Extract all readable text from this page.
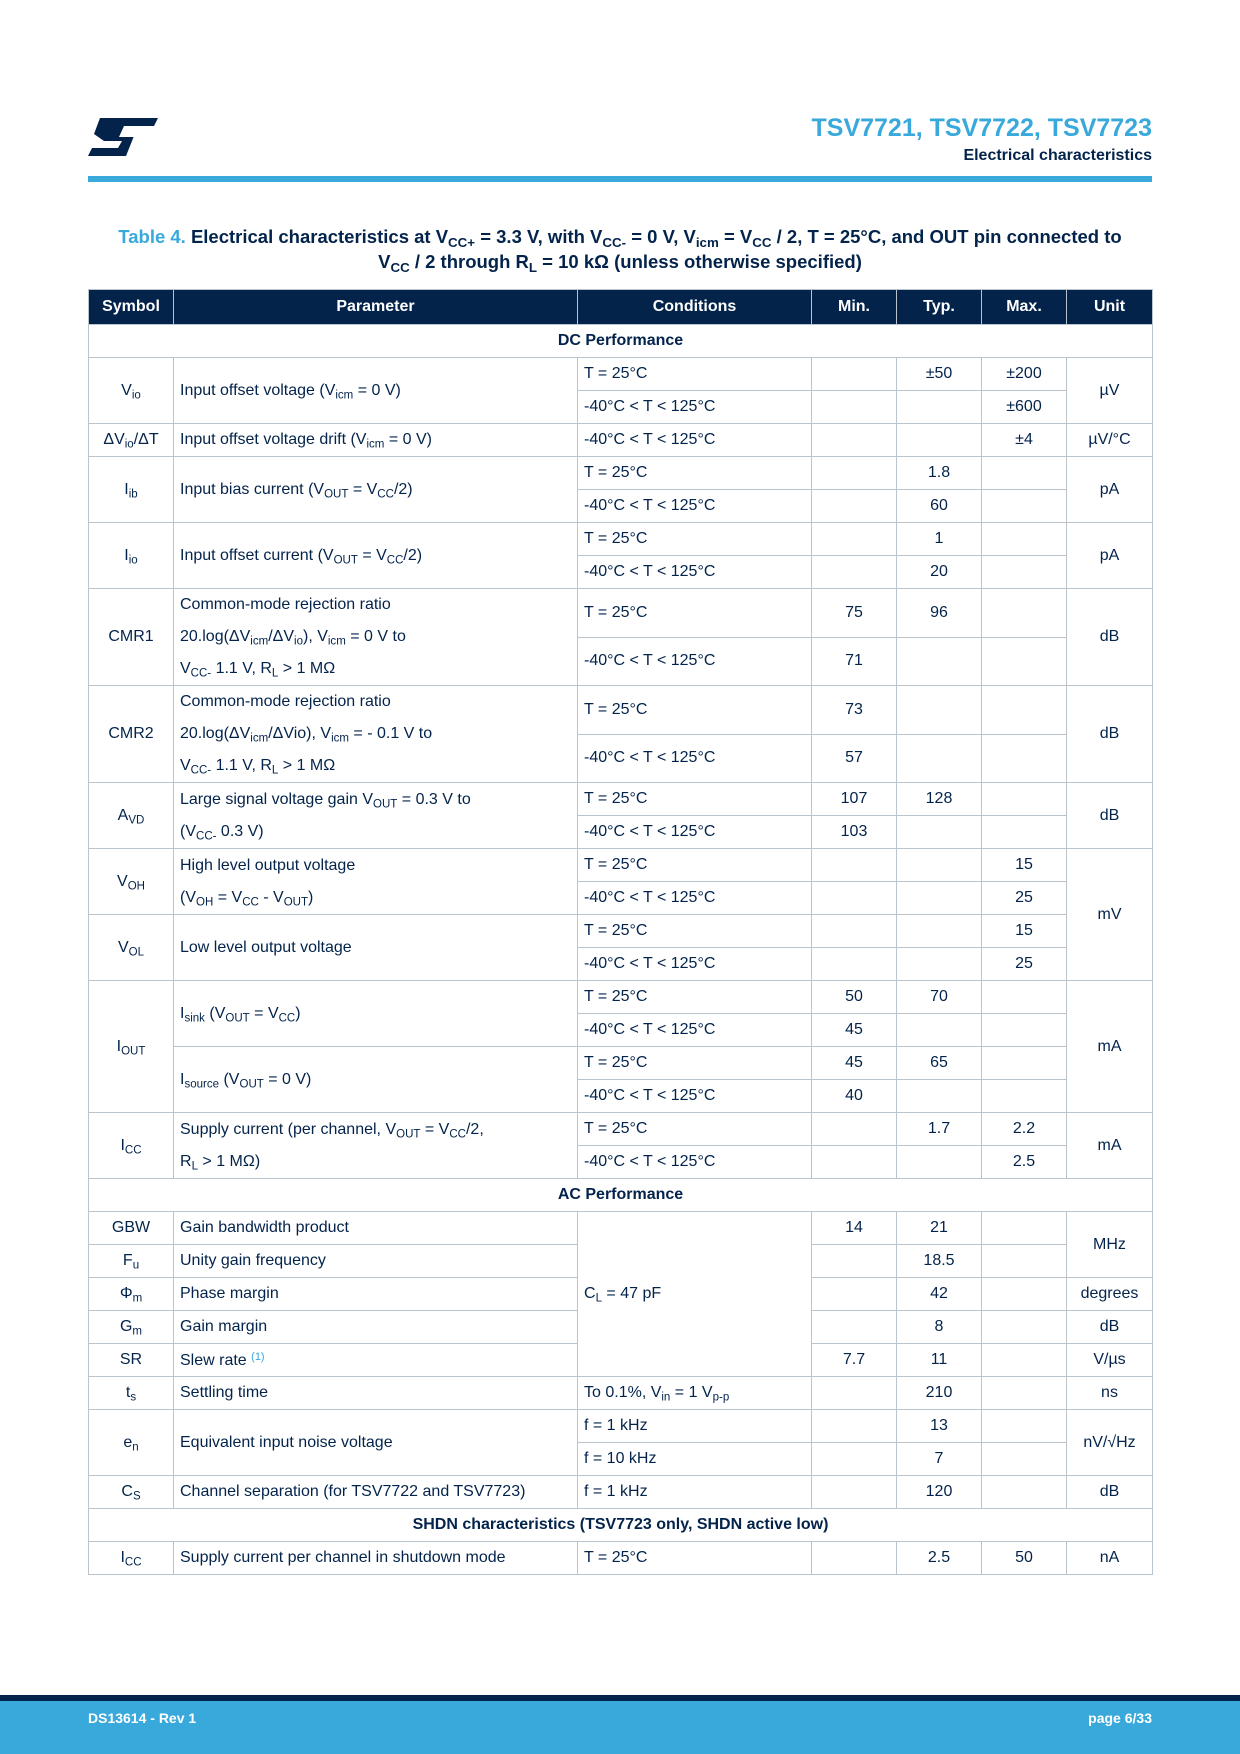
TSV7721, TSV7722, TSV7723
Electrical characteristics
Table 4. Electrical characteristics at $V_{CC+} = 3.3$ V, with $V_{CC-} = 0$ V, $V_{icm} = V_{CC} / 2$, T = 25°C, and OUT pin connected to
$V_{CC} / 2$ through $R_L = 10$ kΩ (unless otherwise specified)
Symbol	Parameter	Conditions	Min.	Typ.	Max.	Unit
DC Performance						
$V_{io}$	Input offset voltage ($V_{icm} = 0$ V)	T = 25°C		±50	±200	µV
		-40°C < T < 125°C			±600	
$\Delta V_{io}/\Delta T$	Input offset voltage drift ($V_{icm} = 0$ V)	-40°C < T < 125°C			±4	µV/°C
$I_{ib}$	Input bias current $(V_{OUT} = V_{CC}/2)$	T = 25°C		1.8		pA
		-40°C < T < 125°C		60		
$I_{io}$	Input offset current $(V_{OUT} = V_{CC}/2)$	T = 25°C		1		pA
		-40°C < T < 125°C		20		
CMR1	Common-mode rejection ratio
$20.\log(\Delta V_{icm}/\Delta V_{io})$, $V_{icm} = 0$ V to
$V_{CC-}$ 1.1 V, $R_L > 1$ MΩ	T = 25°C	75	96		dB
		-40°C < T < 125°C	71			
CMR2	Common-mode rejection ratio
$20.\log(\Delta V_{icm}/\Delta Vio)$, $V_{icm}$ = - 0.1 V to
$V_{CC-}$ 1.1 V, $R_L > 1$ MΩ	T = 25°C	73			dB
		-40°C < T < 125°C	57			
$A_{VD}$	Large signal voltage gain $V_{OUT} = 0.3$ V to
($V_{CC-}$ 0.3 V)	T = 25°C	107	128		dB
		-40°C < T < 125°C	103			
$V_{OH}$	High level output voltage
$(V_{OH} = V_{CC} - V_{OUT})$	T = 25°C			15	mV
		-40°C < T < 125°C			25	
$V_{OL}$	Low level output voltage	T = 25°C			15	
		-40°C < T < 125°C			25	
$I_{OUT}$	$I_{sink}$ $(V_{OUT} = V_{CC})$	T = 25°C	50	70		mA
		-40°C < T < 125°C	45			
	$I_{source}$ ($V_{OUT} = 0$ V)	T = 25°C	45	65		
		-40°C < T < 125°C	40			
$I_{CC}$	Supply current (per channel, $V_{OUT} = V_{CC}/2$,
$R_L > 1$ MΩ)	T = 25°C		1.7	2.2	mA
		-40°C < T < 125°C			2.5	
AC Performance						
GBW	Gain bandwidth product	$C_L = 47$ pF	14	21		MHz
$F_u$	Unity gain frequency			18.5		
$\Phi_m$	Phase margin			42		degrees
$G_m$	Gain margin			8		dB
SR	Slew rate $^{(1)}$		7.7	11		V/µs
$t_s$	Settling time	To 0.1%, $V_{in} = 1$ $V_{p-p}$		210		ns
$e_n$	Equivalent input noise voltage	f = 1 kHz		13		nV/√Hz
		f = 10 kHz		7		
$C_S$	Channel separation (for TSV7722 and TSV7723)	f = 1 kHz		120		dB
SHDN characteristics (TSV7723 only, SHDN active low)						
$I_{CC}$	Supply current per channel in shutdown mode	T = 25°C		2.5	50	nA
DS13614 - Rev 1	page 6/33
